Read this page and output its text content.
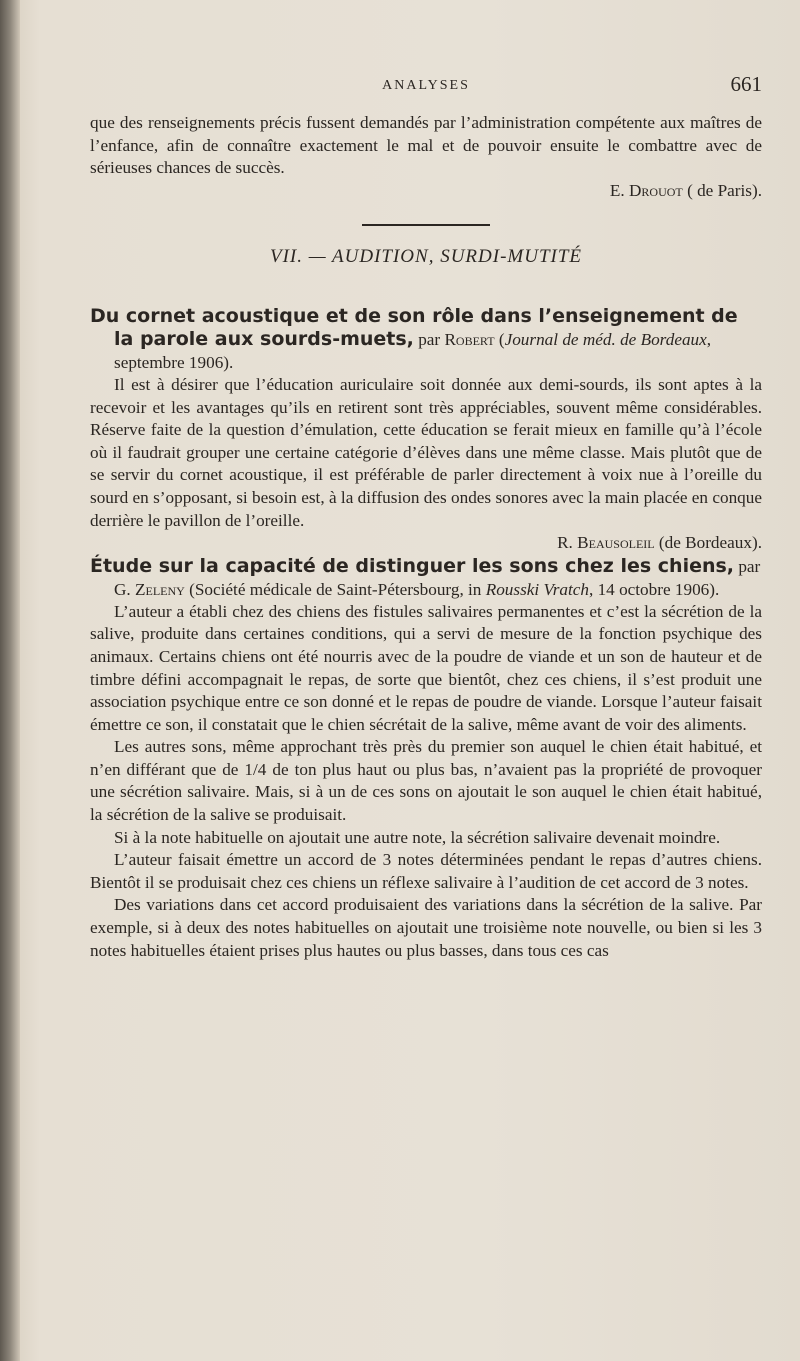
ANALYSES	661

que des renseignements précis fussent demandés par l’administration compétente aux maîtres de l’enfance, afin de connaître exactement le mal et de pouvoir ensuite le combattre avec de sérieuses chances de succès.

E. Drouot ( de Paris).

VII. — AUDITION, SURDI-MUTITÉ

Du cornet acoustique et de son rôle dans l’enseignement de la parole aux sourds-muets, par Robert (Journal de méd. de Bordeaux, septembre 1906).

Il est à désirer que l’éducation auriculaire soit donnée aux demi-sourds, ils sont aptes à la recevoir et les avantages qu’ils en retirent sont très appréciables, souvent même considérables. Réserve faite de la question d’émulation, cette éducation se ferait mieux en famille qu’à l’école où il faudrait grouper une certaine catégorie d’élèves dans une même classe. Mais plutôt que de se servir du cornet acoustique, il est préférable de parler directement à voix nue à l’oreille du sourd en s’opposant, si besoin est, à la diffusion des ondes sonores avec la main placée en conque derrière le pavillon de l’oreille.

R. Beausoleil (de Bordeaux).

Étude sur la capacité de distinguer les sons chez les chiens, par G. Zeleny (Société médicale de Saint-Pétersbourg, in Rousski Vratch, 14 octobre 1906).

L’auteur a établi chez des chiens des fistules salivaires permanentes et c’est la sécrétion de la salive, produite dans certaines conditions, qui a servi de mesure de la fonction psychique des animaux. Certains chiens ont été nourris avec de la poudre de viande et un son de hauteur et de timbre défini accompagnait le repas, de sorte que bientôt, chez ces chiens, il s’est produit une association psychique entre ce son donné et le repas de poudre de viande. Lorsque l’auteur faisait émettre ce son, il constatait que le chien sécrétait de la salive, même avant de voir des aliments.

Les autres sons, même approchant très près du premier son auquel le chien était habitué, et n’en différant que de 1/4 de ton plus haut ou plus bas, n’avaient pas la propriété de provoquer une sécrétion salivaire. Mais, si à un de ces sons on ajoutait le son auquel le chien était habitué, la sécrétion de la salive se produisait.

Si à la note habituelle on ajoutait une autre note, la sécrétion salivaire devenait moindre.

L’auteur faisait émettre un accord de 3 notes déterminées pendant le repas d’autres chiens. Bientôt il se produisait chez ces chiens un réflexe salivaire à l’audition de cet accord de 3 notes.

Des variations dans cet accord produisaient des variations dans la sécrétion de la salive. Par exemple, si à deux des notes habituelles on ajoutait une troisième note nouvelle, ou bien si les 3 notes habituelles étaient prises plus hautes ou plus basses, dans tous ces cas
